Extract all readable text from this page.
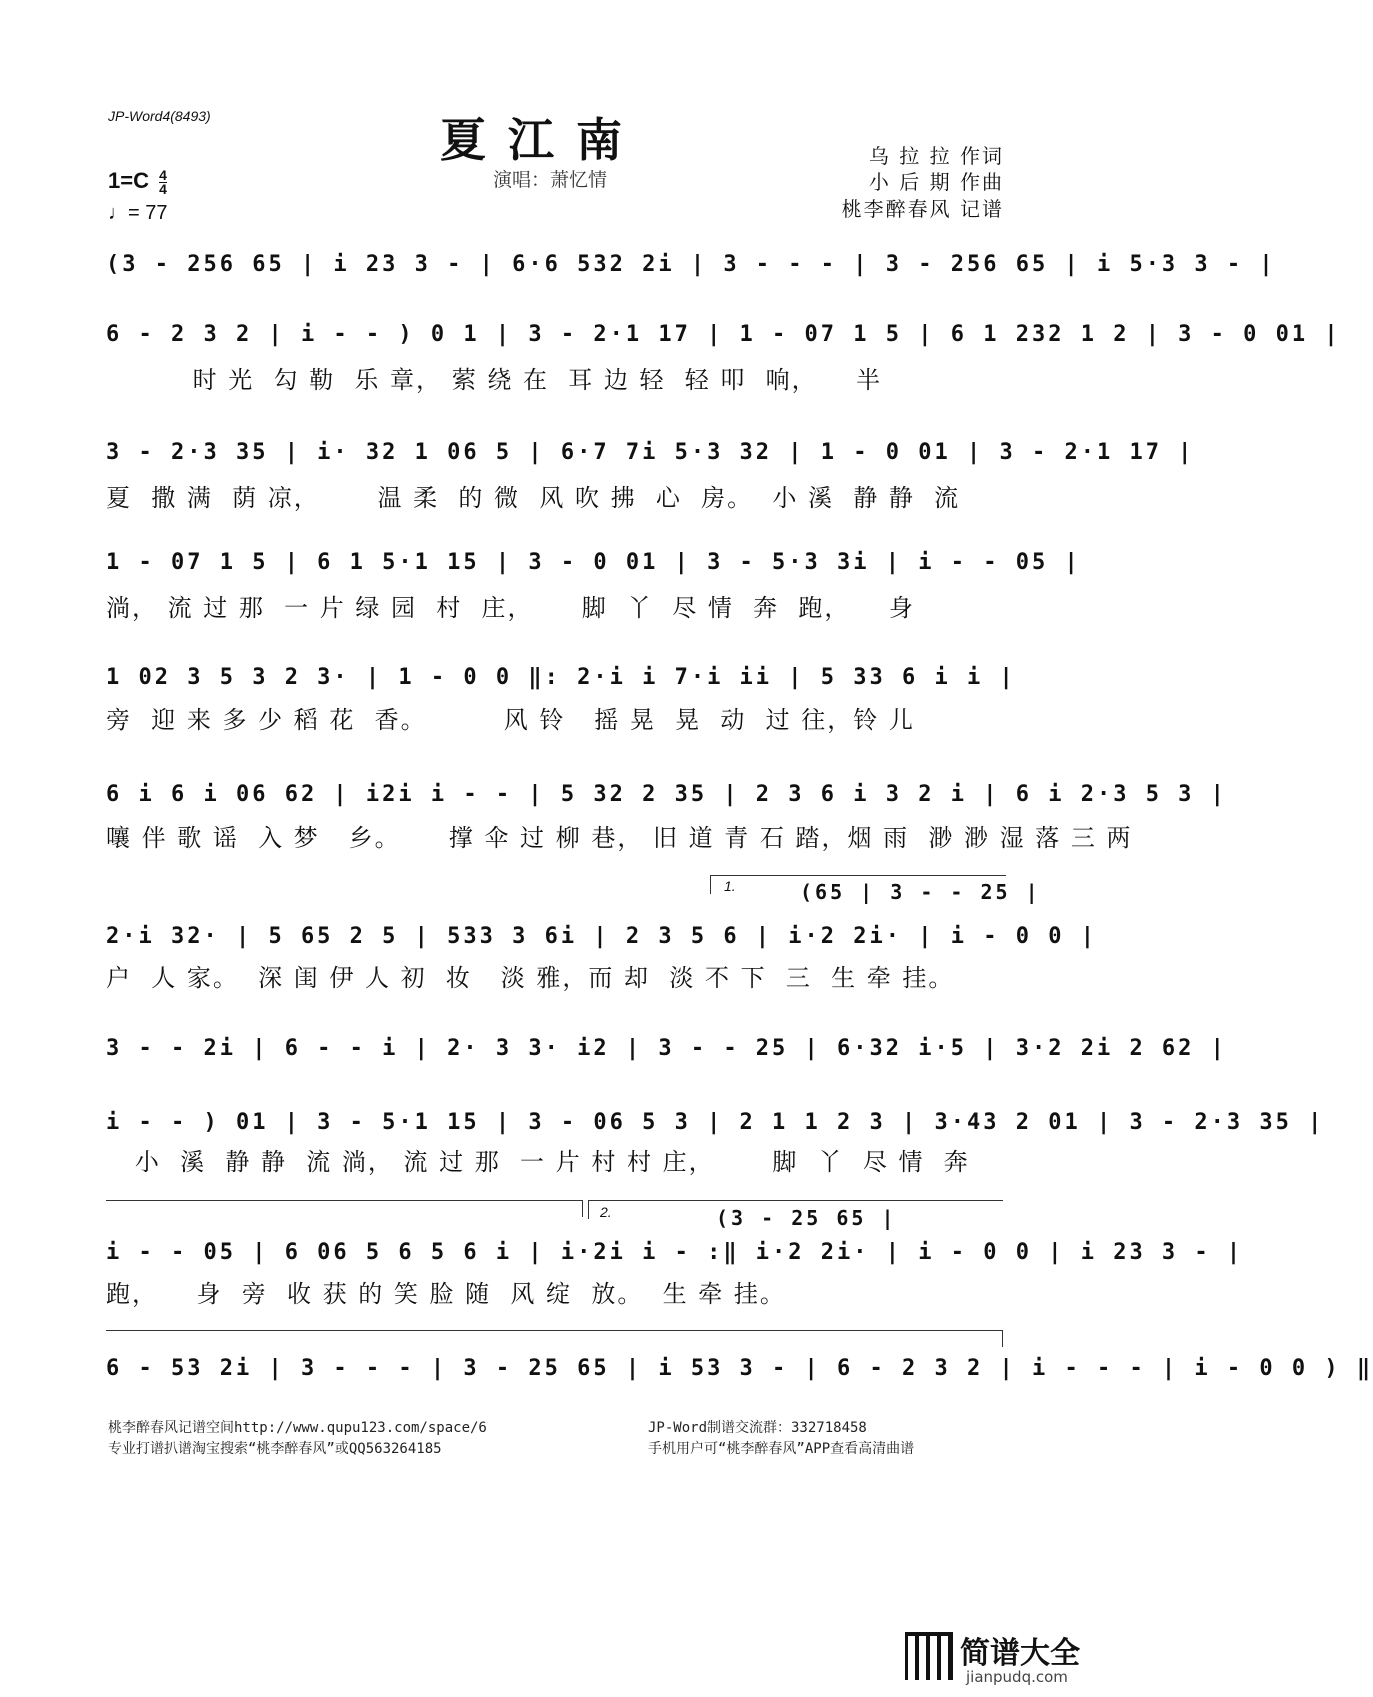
JP-Word4(8493)	夏江南
演唱：萧忆情
乌 拉 拉 作词
小 后 期 作曲
桃李醉春风 记谱
$1=C \frac{4}{4}$
♩= 77
(3 - 256 65 | i 23 3 - | 6·6 532 2i | 3 - - - | 3 - 256 65 | i 5·3 3 - |
6 - 2 3 2 | i - - ) 0 1 | 3 - 2·1 17 | 1 - 07 1 5 | 6 1 232 1 2 | 3 - 0 01 |
时 光  勾 勒  乐 章， 萦 绕 在  耳 边 轻  轻 叩  响，    半
3 - 2·3 35 | i· 32 1 06 5 | 6·7 7i 5·3 32 | 1 - 0 01 | 3 - 2·1 17 |
夏  撒 满  荫 凉，      温 柔  的 微  风 吹 拂  心  房。  小 溪  静 静  流
1 - 07 1 5 | 6 1 5·1 15 | 3 - 0 01 | 3 - 5·3 3i | i - - 05 |
淌， 流 过 那  一 片 绿 园  村  庄，     脚  丫  尽 情  奔  跑，    身
1 02 3 5 3 2 3· | 1 - 0 0 ‖: 2·i i 7·i ii | 5 33 6 i i |
旁  迎 来 多 少 稻 花  香。        风 铃   摇 晃  晃  动  过 往，铃 儿
6 i 6 i 06 62 | i2i i - - | 5 32 2 35 | 2 3 6 i 3 2 i | 6 i 2·3 5 3 |
嚷 伴 歌 谣  入 梦   乡。     撑 伞 过 柳 巷， 旧 道 青 石 踏，烟 雨  渺 渺 湿 落 三 两
1.	(65 | 3 - - 25 |
2·i 32· | 5 65 2 5 | 533 3 6i | 2 3 5 6 | i·2 2i· | i - 0 0 |
户  人 家。  深 闺 伊 人 初  妆   淡 雅，而 却  淡 不 下  三  生 牵 挂。
3 - - 2i | 6 - - i | 2· 3 3· i2 | 3 - - 25 | 6·32 i·5 | 3·2 2i 2 62 |
i - - ) 01 | 3 - 5·1 15 | 3 - 06 5 3 | 2 1 1 2 3 | 3·43 2 01 | 3 - 2·3 35 |
小  溪  静 静  流 淌， 流 过 那  一 片 村 村 庄，      脚  丫  尽 情  奔
2.	(3 - 25 65 |
i - - 05 | 6 06 5 6 5 6 i | i·2i i - :‖ i·2 2i· | i - 0 0 | i 23 3 - |
跑，    身  旁  收 获 的 笑 脸 随  风 绽  放。  生 牵 挂。
6 - 53 2i | 3 - - - | 3 - 25 65 | i 53 3 - | 6 - 2 3 2 | i - - - | i - 0 0 ) ‖
桃李醉春风记谱空间http://www.qupu123.com/space/6
专业打谱扒谱淘宝搜索“桃李醉春风”或QQ563264185
JP-Word制谱交流群：332718458
手机用户可“桃李醉春风”APP查看高清曲谱
简谱大全
jianpudq.com
